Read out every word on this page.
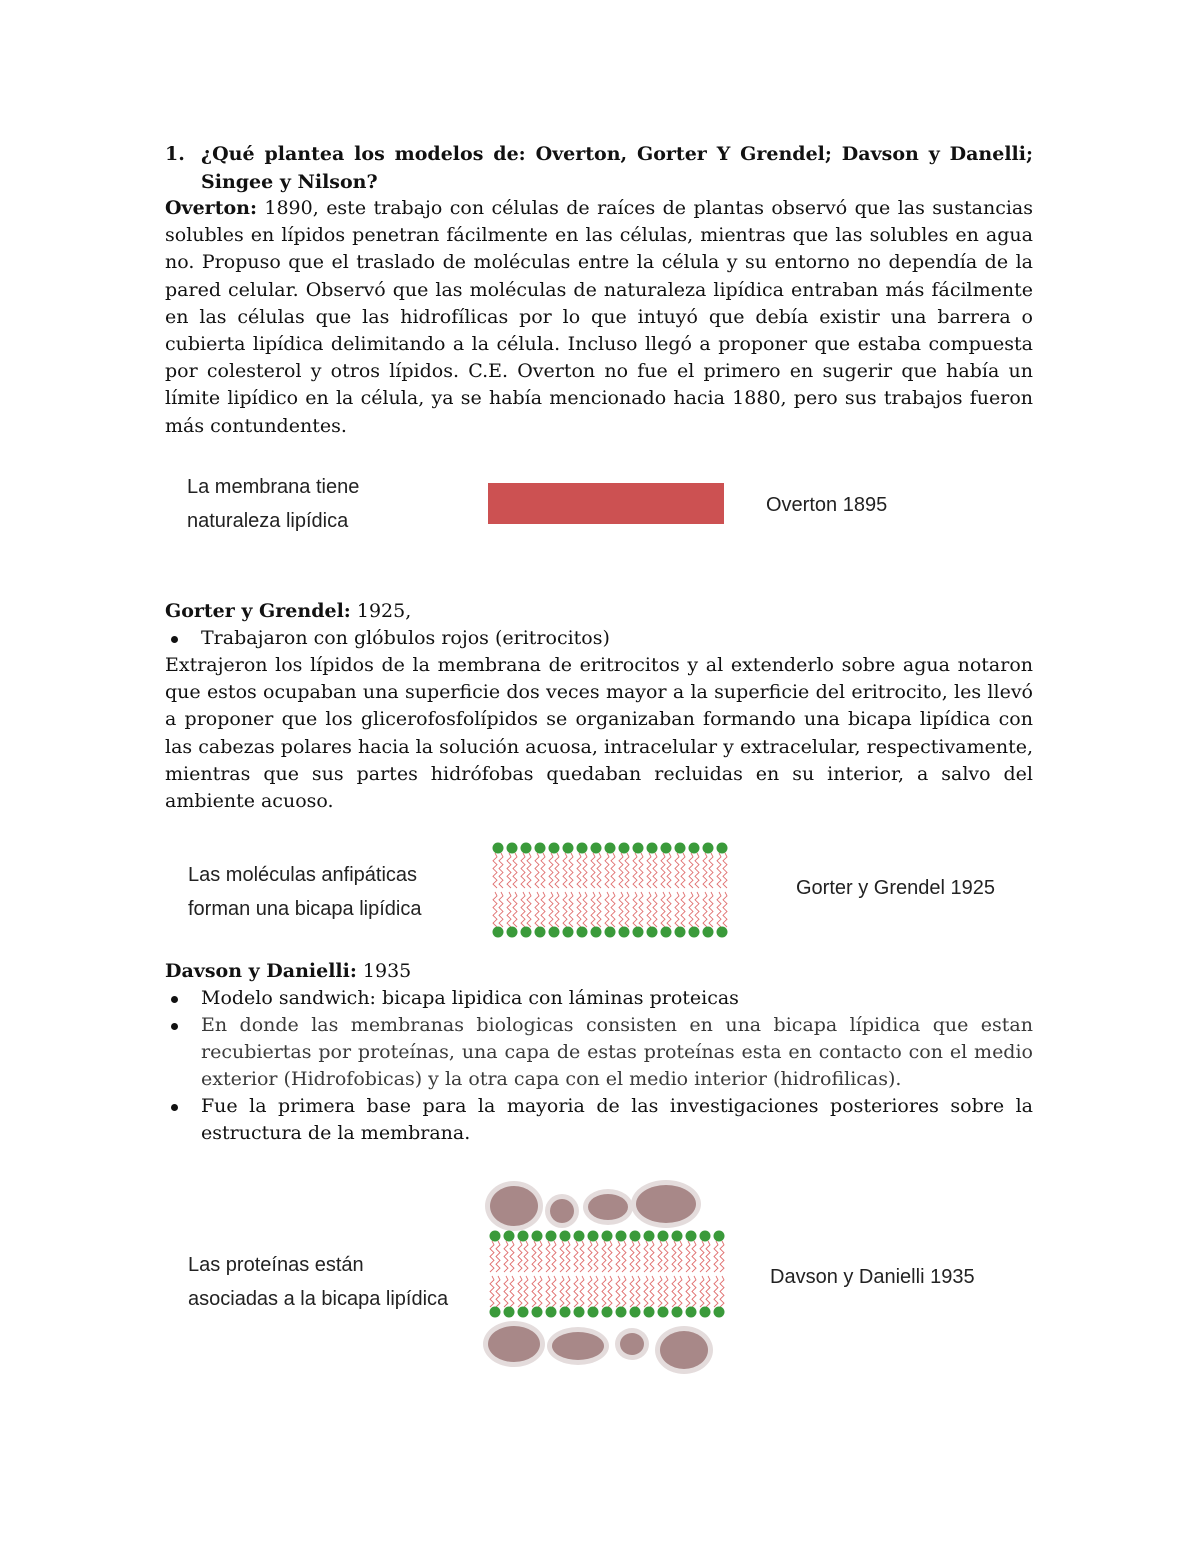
1. ¿Qué plantea los modelos de: Overton, Gorter Y Grendel; Davson y Danelli; Singee y Nilson?
Overton: 1890, este trabajo con células de raíces de plantas observó que las sustancias solubles en lípidos penetran fácilmente en las células, mientras que las solubles en agua no. Propuso que el traslado de moléculas entre la célula y su entorno no dependía de la pared celular. Observó que las moléculas de naturaleza lipídica entraban más fácilmente en las células que las hidrofílicas por lo que intuyó que debía existir una barrera o cubierta lipídica delimitando a la célula. Incluso llegó a proponer que estaba compuesta por colesterol y otros lípidos. C.E. Overton no fue el primero en sugerir que había un límite lipídico en la célula, ya se había mencionado hacia 1880, pero sus trabajos fueron más contundentes.
La membrana tiene
naturaleza lipídica
Overton 1895
Gorter y Grendel: 1925,
Trabajaron con glóbulos rojos (eritrocitos)
Extrajeron los lípidos de la membrana de eritrocitos y al extenderlo sobre agua notaron que estos ocupaban una superficie dos veces mayor a la superficie del eritrocito, les llevó a proponer que los glicerofosfolípidos se organizaban formando una bicapa lipídica con las cabezas polares hacia la solución acuosa, intracelular y extracelular, respectivamente, mientras que sus partes hidrófobas quedaban recluidas en su interior, a salvo del ambiente acuoso.
Las moléculas anfipáticas
forman una bicapa lipídica
Gorter y Grendel 1925
Davson y Danielli: 1935
Modelo sandwich: bicapa lipidica con láminas proteicas
En donde las membranas biologicas consisten en una bicapa lípidica que estan recubiertas por proteínas, una capa de estas proteínas esta en contacto con el medio exterior (Hidrofobicas) y la otra capa con el medio interior (hidrofilicas).
Fue la primera base para la mayoria de las investigaciones posteriores sobre la estructura de la membrana.
Las proteínas están
asociadas a la bicapa lipídica
Davson y Danielli 1935
